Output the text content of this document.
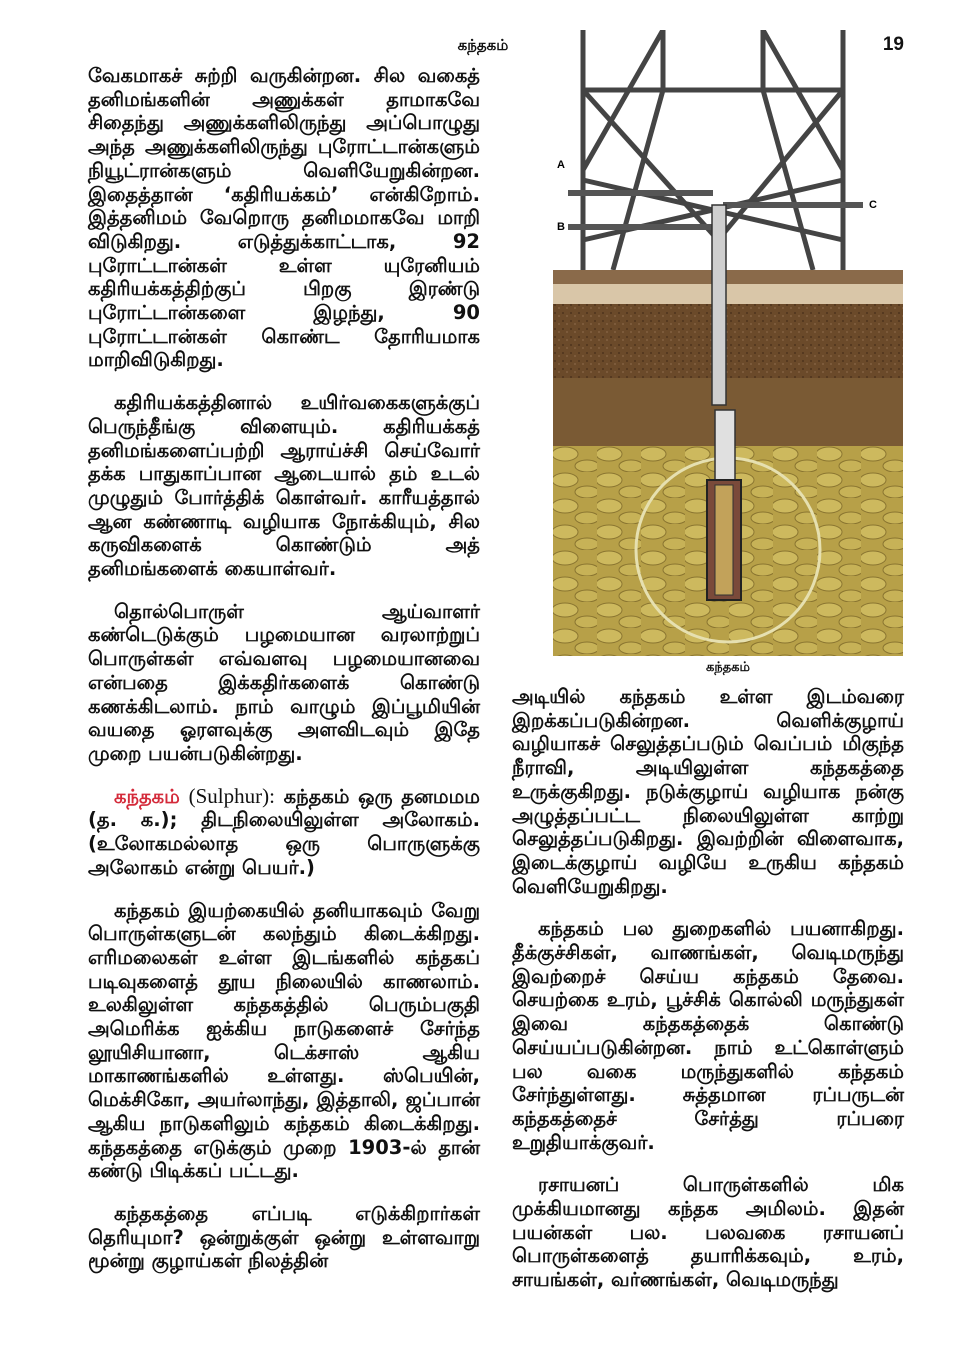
கந்தகம்	19

வேகமாகச் சுற்றி வருகின்றன. சில வகைத் தனிமங்களின் அணுக்கள் தாமாகவே சிதைந்து அணுக்களிலிருந்து அப்பொழுது அந்த அணுக்களிலிருந்து புரோட்டான்களும் நியூட்ரான்களும் வெளியேறுகின்றன. இதைத்தான் ‘கதிரியக்கம்’ என்கிறோம். இத்தனிமம் வேறொரு தனிமமாகவே மாறி விடுகிறது. எடுத்துக்காட்டாக, 92 புரோட்டான்கள் உள்ள யுரேனியம் கதிரியக்கத்திற்குப் பிறகு இரண்டு புரோட்டான்களை இழந்து, 90 புரோட்டான்கள் கொண்ட தோரியமாக மாறிவிடுகிறது.

கதிரியக்கத்தினால் உயிர்வகைகளுக்குப் பெருந்தீங்கு விளையும். கதிரியக்கத் தனிமங்களைப்பற்றி ஆராய்ச்சி செய்வோர் தக்க பாதுகாப்பான ஆடையால் தம் உடல் முழுதும் போர்த்திக் கொள்வர். காரீயத்தால் ஆன கண்ணாடி வழியாக நோக்கியும், சில கருவிகளைக் கொண்டும் அத் தனிமங்களைக் கையாள்வர்.

தொல்பொருள் ஆய்வாளர் கண்டெடுக்கும் பழமையான வரலாற்றுப் பொருள்கள் எவ்வளவு பழமையானவை என்பதை இக்கதிர்களைக் கொண்டு கணக்கிடலாம். நாம் வாழும் இப்பூமியின் வயதை ஓரளவுக்கு அளவிடவும் இதே முறை பயன்படுகின்றது.

கந்தகம் (Sulphur): கந்தகம் ஒரு தனமமம (த. க.); திடநிலையிலுள்ள அலோகம். (உலோகமல்லாத ஒரு பொருளுக்கு அலோகம் என்று பெயர்.)

கந்தகம் இயற்கையில் தனியாகவும் வேறு பொருள்களுடன் கலந்தும் கிடைக்கிறது. எரிமலைகள் உள்ள இடங்களில் கந்தகப் படிவுகளைத் தூய நிலையில் காணலாம். உலகிலுள்ள கந்தகத்தில் பெரும்பகுதி அமெரிக்க ஐக்கிய நாடுகளைச் சேர்ந்த லூயிசியானா, டெக்சாஸ் ஆகிய மாகாணங்களில் உள்ளது. ஸ்பெயின், மெக்சிகோ, அயர்லாந்து, இத்தாலி, ஜப்பான் ஆகிய நாடுகளிலும் கந்தகம் கிடைக்கிறது. கந்தகத்தை எடுக்கும் முறை 1903-ல் தான் கண்டு பிடிக்கப் பட்டது.

கந்தகத்தை எப்படி எடுக்கிறார்கள் தெரியுமா? ஒன்றுக்குள் ஒன்று உள்ளவாறு மூன்று குழாய்கள் நிலத்தின்

A
B
C
கந்தகம்

அடியில் கந்தகம் உள்ள இடம்வரை இறக்கப்படுகின்றன. வெளிக்குழாய் வழியாகச் செலுத்தப்படும் வெப்பம் மிகுந்த நீராவி, அடியிலுள்ள கந்தகத்தை உருக்குகிறது. நடுக்குழாய் வழியாக நன்கு அழுத்தப்பட்ட நிலையிலுள்ள காற்று செலுத்தப்படுகிறது. இவற்றின் விளைவாக, இடைக்குழாய் வழியே உருகிய கந்தகம் வெளியேறுகிறது.

கந்தகம் பல துறைகளில் பயனாகிறது. தீக்குச்சிகள், வாணங்கள், வெடிமருந்து இவற்றைச் செய்ய கந்தகம் தேவை. செயற்கை உரம், பூச்சிக் கொல்லி மருந்துகள் இவை கந்தகத்தைக் கொண்டு செய்யப்படுகின்றன. நாம் உட்கொள்ளும் பல வகை மருந்துகளில் கந்தகம் சேர்ந்துள்ளது. சுத்தமான ரப்பருடன் கந்தகத்தைச் சேர்த்து ரப்பரை உறுதியாக்குவர்.

ரசாயனப் பொருள்களில் மிக முக்கியமானது கந்தக அமிலம். இதன் பயன்கள் பல. பலவகை ரசாயனப் பொருள்களைத் தயாரிக்கவும், உரம், சாயங்கள், வர்ணங்கள், வெடிமருந்து
